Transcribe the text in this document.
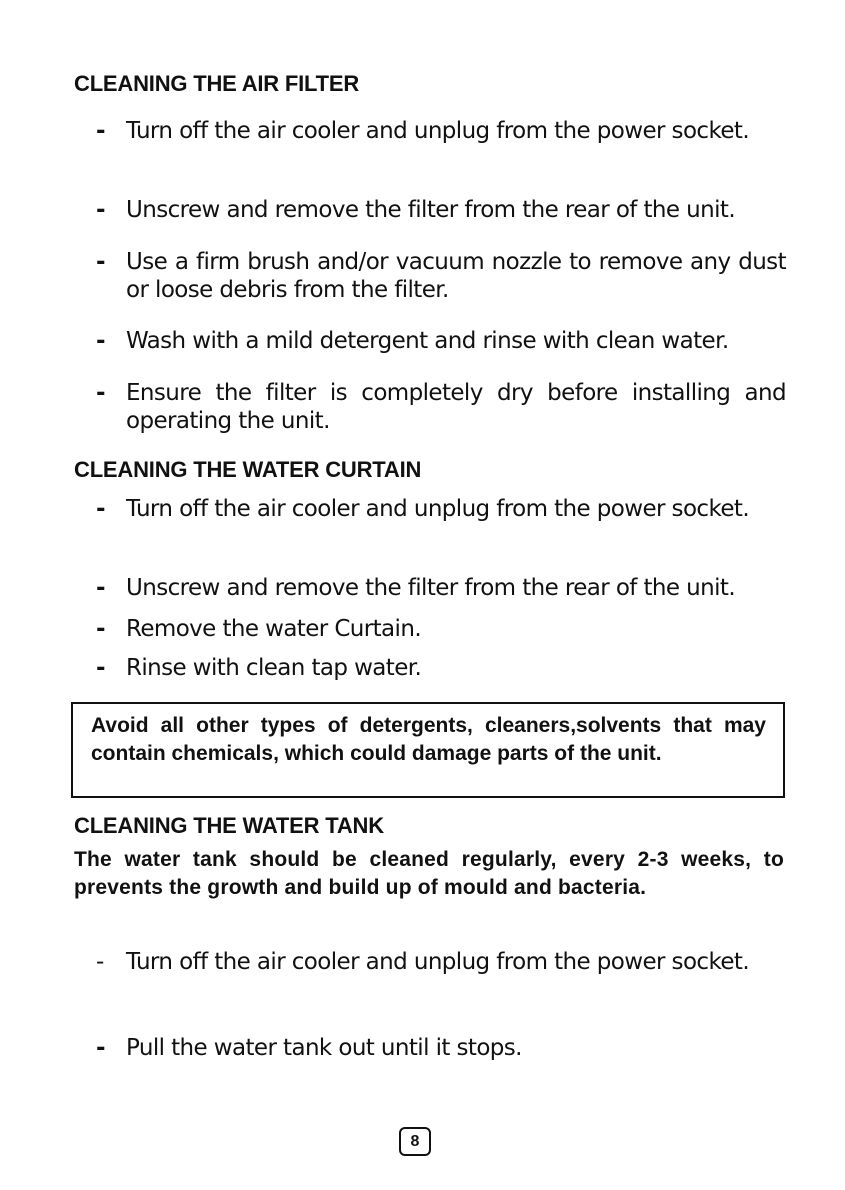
CLEANING THE AIR FILTER
- Turn off the air cooler and unplug from the power socket.
- Unscrew and remove the filter from the rear of the unit.
- Use a firm brush and/or vacuum nozzle to remove any dust or loose debris from the filter.
- Wash with a mild detergent and rinse with clean water.
- Ensure the filter is completely dry before installing and operating the unit.
CLEANING THE WATER CURTAIN
- Turn off the air cooler and unplug from the power socket.
- Unscrew and remove the filter from the rear of the unit.
- Remove the water Curtain.
- Rinse with clean tap water.

Avoid all other types of detergents, cleaners,solvents that may contain chemicals, which could damage parts of the unit.

CLEANING THE WATER TANK

The water tank should be cleaned regularly, every 2-3 weeks, to prevents the growth and build up of mould and bacteria.

- Turn off the air cooler and unplug from the power socket.
- Pull the water tank out until it stops.
8
